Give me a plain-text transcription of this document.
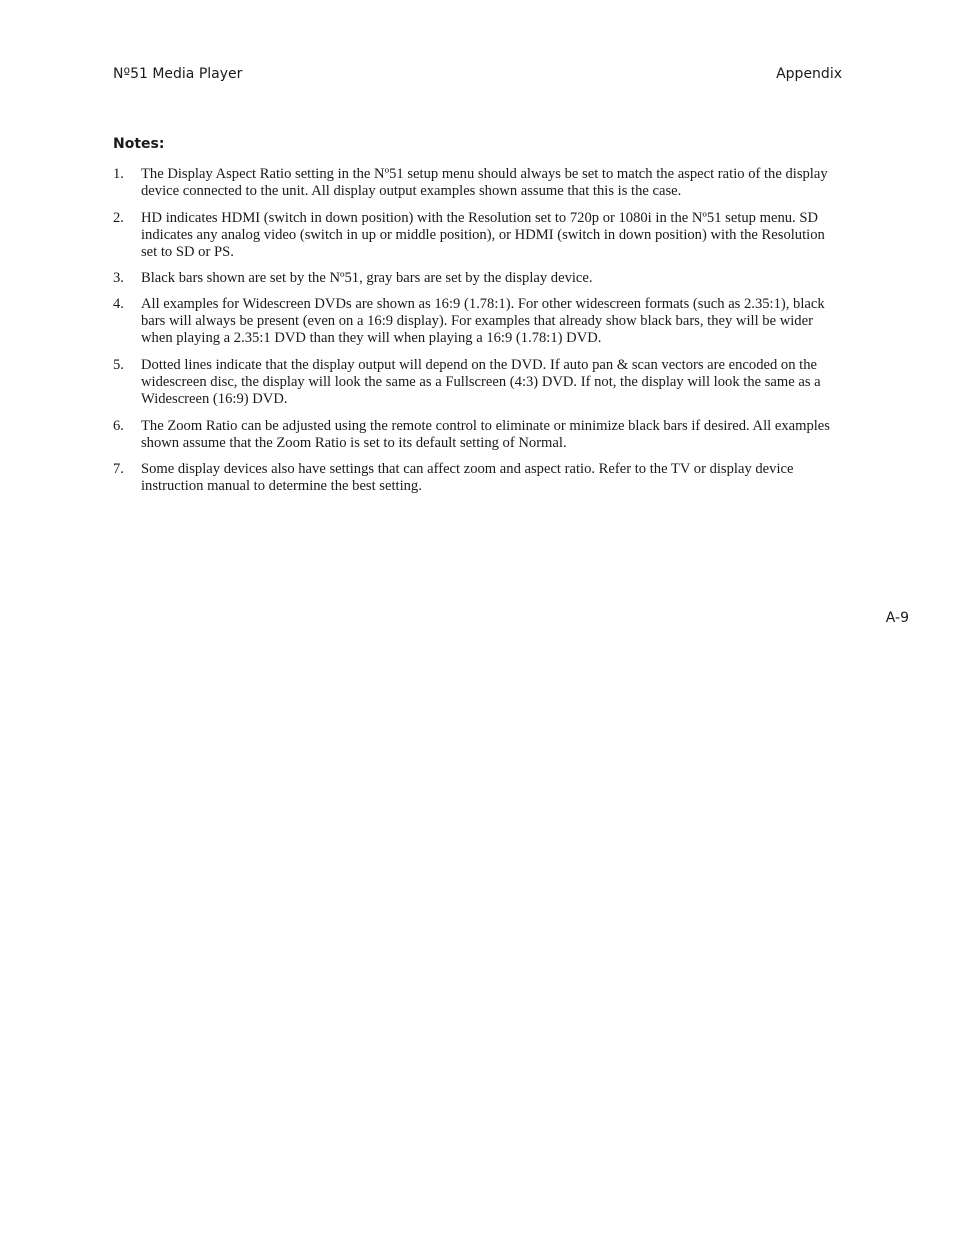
Nº51 Media Player	Appendix
Notes:
1. The Display Aspect Ratio setting in the Nº51 setup menu should always be set to match the aspect ratio of the display device connected to the unit. All display output examples shown assume that this is the case.
2. HD indicates HDMI (switch in down position) with the Resolution set to 720p or 1080i in the Nº51 setup menu. SD indicates any analog video (switch in up or middle position), or HDMI (switch in down position) with the Resolution set to SD or PS.
3. Black bars shown are set by the Nº51, gray bars are set by the display device.
4. All examples for Widescreen DVDs are shown as 16:9 (1.78:1). For other widescreen formats (such as 2.35:1), black bars will always be present (even on a 16:9 display). For examples that already show black bars, they will be wider when playing a 2.35:1 DVD than they will when playing a 16:9 (1.78:1) DVD.
5. Dotted lines indicate that the display output will depend on the DVD. If auto pan & scan vectors are encoded on the widescreen disc, the display will look the same as a Fullscreen (4:3) DVD. If not, the display will look the same as a Widescreen (16:9) DVD.
6. The Zoom Ratio can be adjusted using the remote control to eliminate or minimize black bars if desired. All examples shown assume that the Zoom Ratio is set to its default setting of Normal.
7. Some display devices also have settings that can affect zoom and aspect ratio. Refer to the TV or display device instruction manual to determine the best setting.
A-9
